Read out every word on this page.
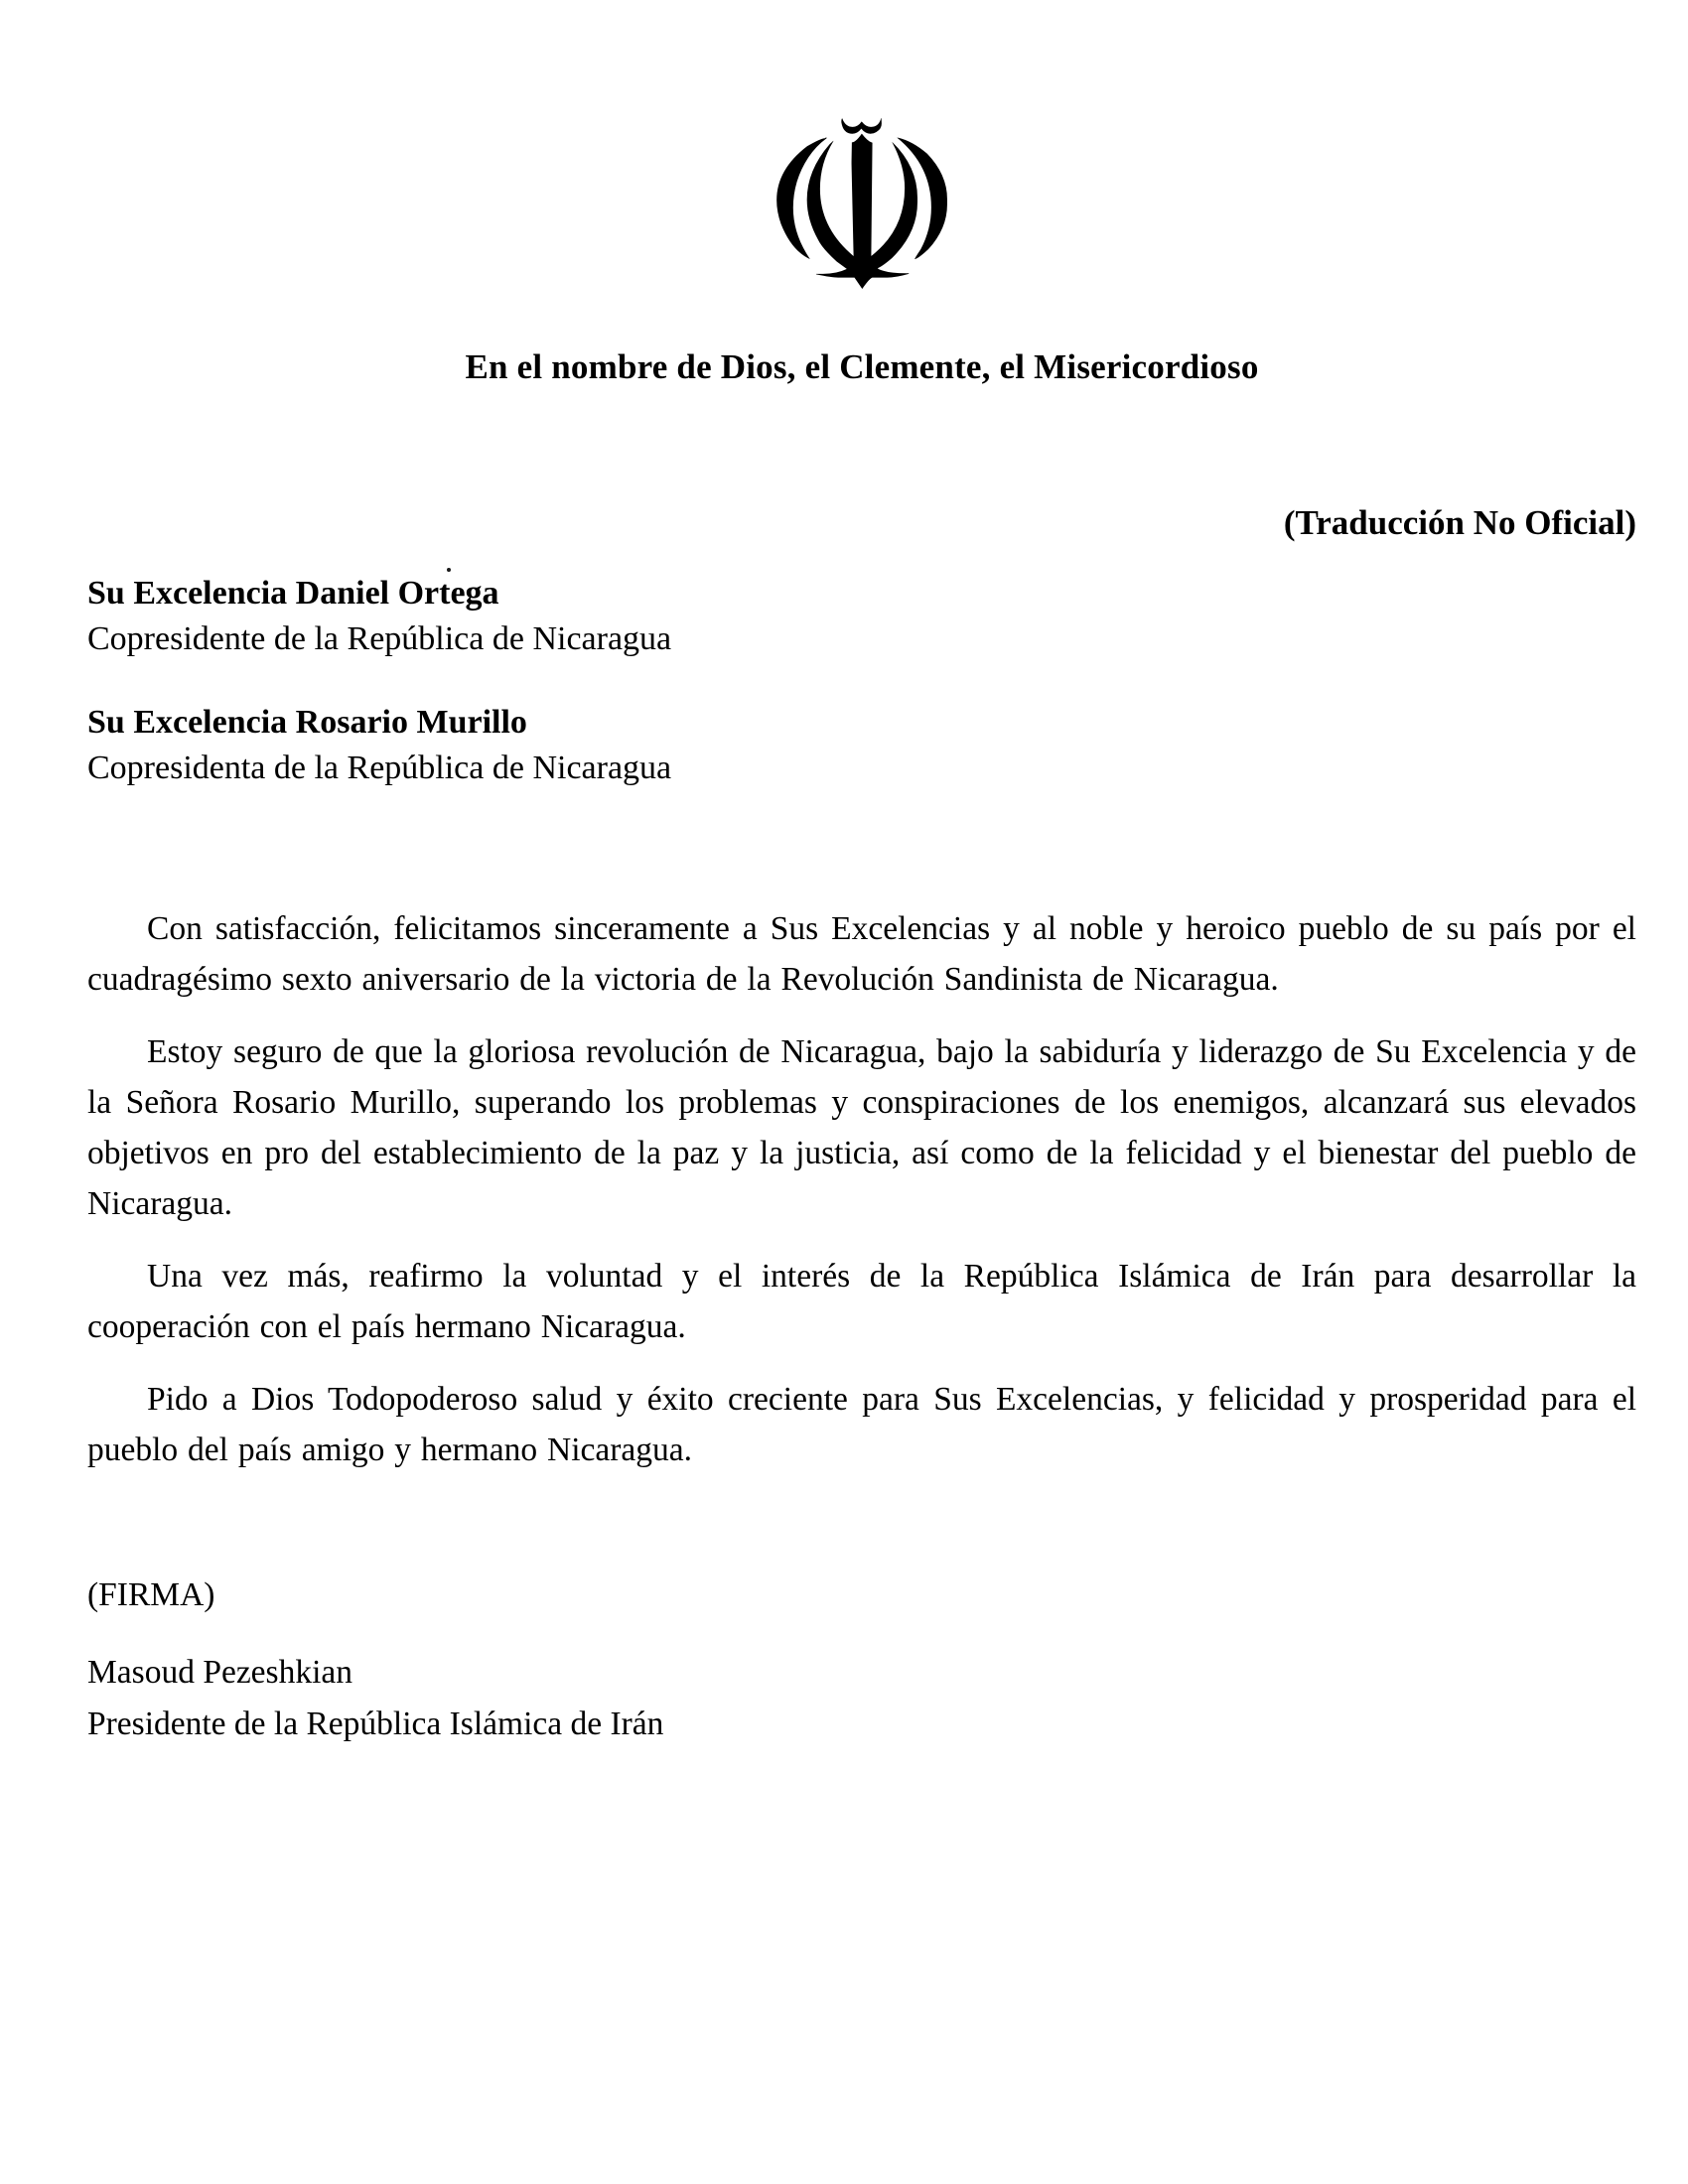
☫
En el nombre de Dios, el Clemente, el Misericordioso
(Traducción No Oficial)
Su Excelencia Daniel Ortega
Copresidente de la República de Nicaragua
Su Excelencia Rosario Murillo
Copresidenta de la República de Nicaragua

Con satisfacción, felicitamos sinceramente a Sus Excelencias y al noble y heroico pueblo de su país por el cuadragésimo sexto aniversario de la victoria de la Revolución Sandinista de Nicaragua.

Estoy seguro de que la gloriosa revolución de Nicaragua, bajo la sabiduría y liderazgo de Su Excelencia y de la Señora Rosario Murillo, superando los problemas y conspiraciones de los enemigos, alcanzará sus elevados objetivos en pro del establecimiento de la paz y la justicia, así como de la felicidad y el bienestar del pueblo de Nicaragua.

Una vez más, reafirmo la voluntad y el interés de la República Islámica de Irán para desarrollar la cooperación con el país hermano Nicaragua.

Pido a Dios Todopoderoso salud y éxito creciente para Sus Excelencias, y felicidad y prosperidad para el pueblo del país amigo y hermano Nicaragua.

(FIRMA)
Masoud Pezeshkian
Presidente de la República Islámica de Irán
